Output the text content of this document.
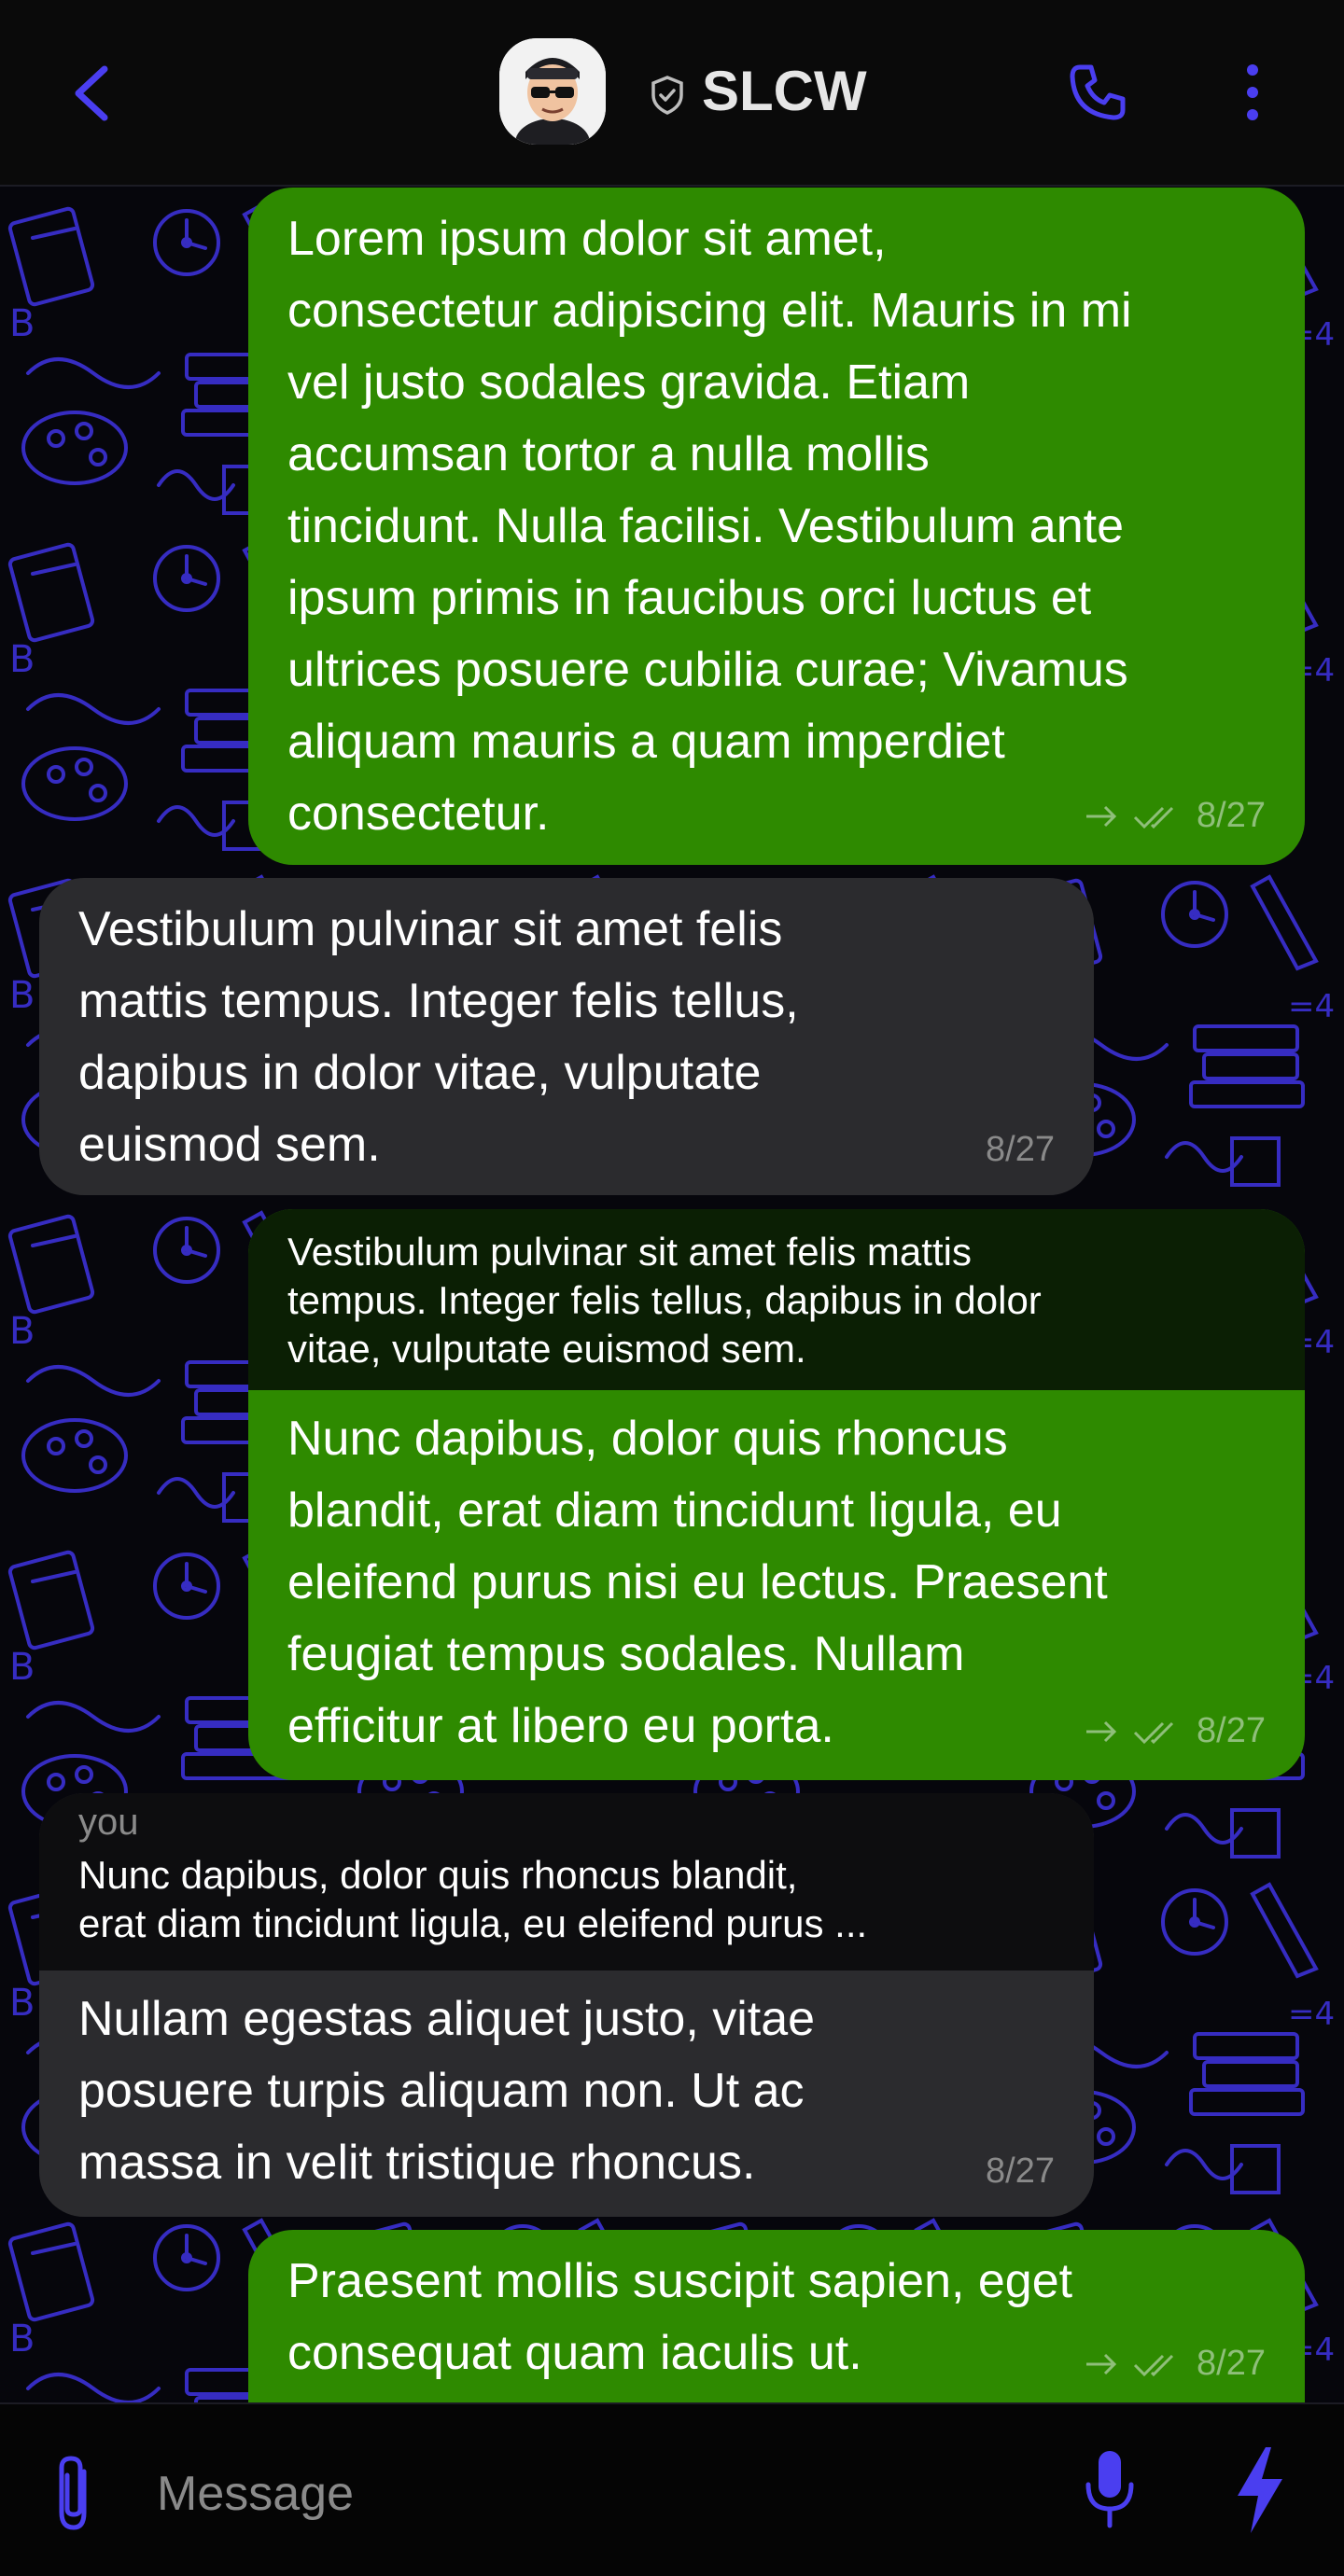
SLCW

Lorem ipsum dolor sit amet,
consectetur adipiscing elit. Mauris in mi
vel justo sodales gravida. Etiam
accumsan tortor a nulla mollis
tincidunt. Nulla facilisi. Vestibulum ante
ipsum primis in faucibus orci luctus et
ultrices posuere cubilia curae; Vivamus
aliquam mauris a quam imperdiet
consectetur.	8/27

Vestibulum pulvinar sit amet felis
mattis tempus. Integer felis tellus,
dapibus in dolor vitae, vulputate
euismod sem.	8/27

Vestibulum pulvinar sit amet felis mattis
tempus. Integer felis tellus, dapibus in dolor
vitae, vulputate euismod sem.

Nunc dapibus, dolor quis rhoncus
blandit, erat diam tincidunt ligula, eu
eleifend purus nisi eu lectus. Praesent
feugiat tempus sodales. Nullam
efficitur at libero eu porta.	8/27

you

Nunc dapibus, dolor quis rhoncus blandit,
erat diam tincidunt ligula, eu eleifend purus ...

Nullam egestas aliquet justo, vitae
posuere turpis aliquam non. Ut ac
massa in velit tristique rhoncus.	8/27

Praesent mollis suscipit sapien, eget
consequat quam iaculis ut.	8/27
Message
